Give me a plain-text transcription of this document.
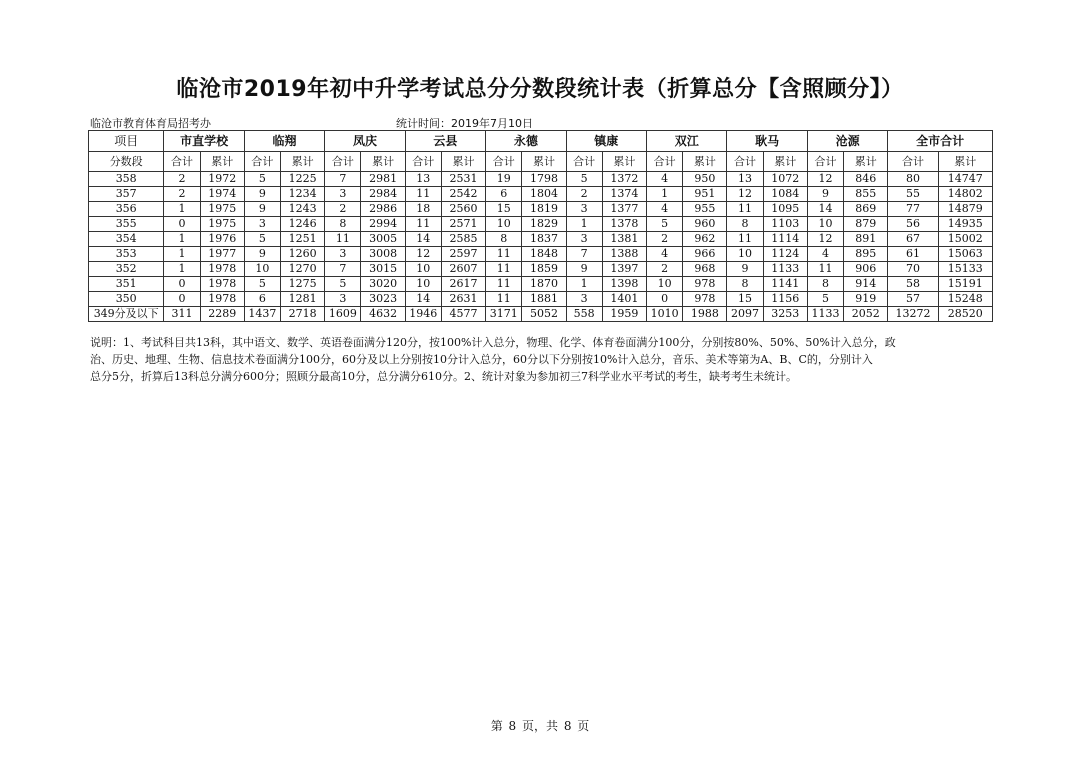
临沧市2019年初中升学考试总分分数段统计表（折算总分【含照顾分】）
临沧市教育体育局招考办	统计时间：2019年7月10日
项目	市直学校		临翔		凤庆		云县		永德		镇康		双江		耿马		沧源		全市合计	
分数段	合计	累计	合计	累计	合计	累计	合计	累计	合计	累计	合计	累计	合计	累计	合计	累计	合计	累计	合计	累计
358	2	1972	5	1225	7	2981	13	2531	19	1798	5	1372	4	950	13	1072	12	846	80	14747
357	2	1974	9	1234	3	2984	11	2542	6	1804	2	1374	1	951	12	1084	9	855	55	14802
356	1	1975	9	1243	2	2986	18	2560	15	1819	3	1377	4	955	11	1095	14	869	77	14879
355	0	1975	3	1246	8	2994	11	2571	10	1829	1	1378	5	960	8	1103	10	879	56	14935
354	1	1976	5	1251	11	3005	14	2585	8	1837	3	1381	2	962	11	1114	12	891	67	15002
353	1	1977	9	1260	3	3008	12	2597	11	1848	7	1388	4	966	10	1124	4	895	61	15063
352	1	1978	10	1270	7	3015	10	2607	11	1859	9	1397	2	968	9	1133	11	906	70	15133
351	0	1978	5	1275	5	3020	10	2617	11	1870	1	1398	10	978	8	1141	8	914	58	15191
350	0	1978	6	1281	3	3023	14	2631	11	1881	3	1401	0	978	15	1156	5	919	57	15248
349分及以下	311	2289	1437	2718	1609	4632	1946	4577	3171	5052	558	1959	1010	1988	2097	3253	1133	2052	13272	28520
说明：1、考试科目共13科，其中语文、数学、英语卷面满分120分，按100%计入总分，物理、化学、体育卷面满分100分，分别按80%、50%、50%计入总分，政
治、历史、地理、生物、信息技术卷面满分100分，60分及以上分别按10分计入总分，60分以下分别按10%计入总分，音乐、美术等第为A、B、C的，分别计入
总分5分，折算后13科总分满分600分；照顾分最高10分，总分满分610分。2、统计对象为参加初三7科学业水平考试的考生，缺考考生未统计。
第 8 页，共 8 页
